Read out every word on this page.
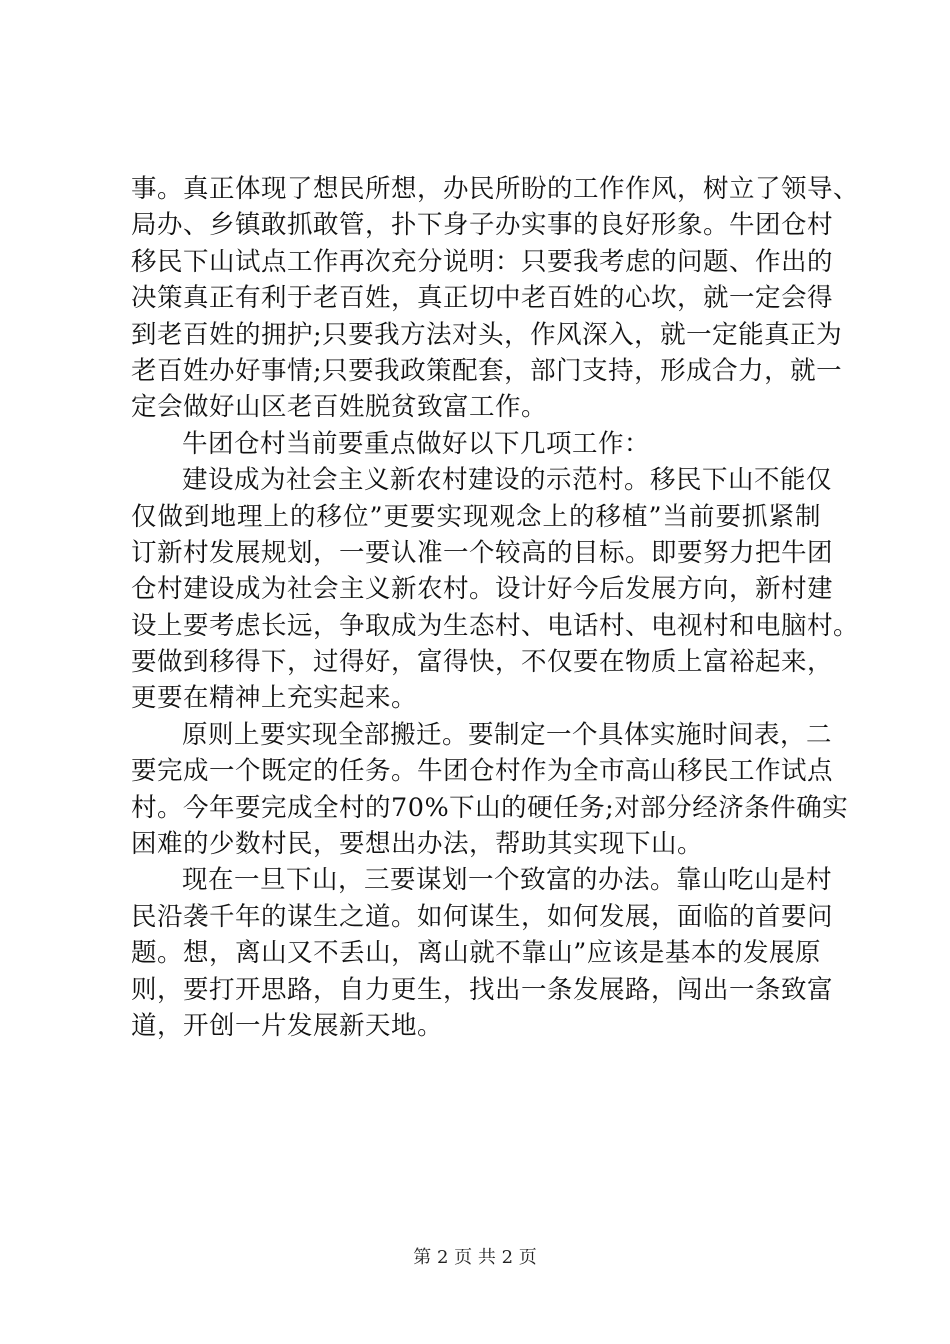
事。真正体现了想民所想，办民所盼的工作作风，树立了领导、
局办、乡镇敢抓敢管，扑下身子办实事的良好形象。牛团仓村
移民下山试点工作再次充分说明：只要我考虑的问题、作出的
决策真正有利于老百姓，真正切中老百姓的心坎，就一定会得
到老百姓的拥护;只要我方法对头，作风深入，就一定能真正为
老百姓办好事情;只要我政策配套，部门支持，形成合力，就一
定会做好山区老百姓脱贫致富工作。
牛团仓村当前要重点做好以下几项工作：
建设成为社会主义新农村建设的示范村。移民下山不能仅
仅做到地理上的移位”更要实现观念上的移植”当前要抓紧制
订新村发展规划，一要认准一个较高的目标。即要努力把牛团
仓村建设成为社会主义新农村。设计好今后发展方向，新村建
设上要考虑长远，争取成为生态村、电话村、电视村和电脑村。
要做到移得下，过得好，富得快，不仅要在物质上富裕起来，
更要在精神上充实起来。
原则上要实现全部搬迁。要制定一个具体实施时间表，二
要完成一个既定的任务。牛团仓村作为全市高山移民工作试点
村。今年要完成全村的70%下山的硬任务;对部分经济条件确实
困难的少数村民，要想出办法，帮助其实现下山。
现在一旦下山，三要谋划一个致富的办法。靠山吃山是村
民沿袭千年的谋生之道。如何谋生，如何发展，面临的首要问
题。想，离山又不丢山，离山就不靠山”应该是基本的发展原
则，要打开思路，自力更生，找出一条发展路，闯出一条致富
道，开创一片发展新天地。
第 2 页 共 2 页
